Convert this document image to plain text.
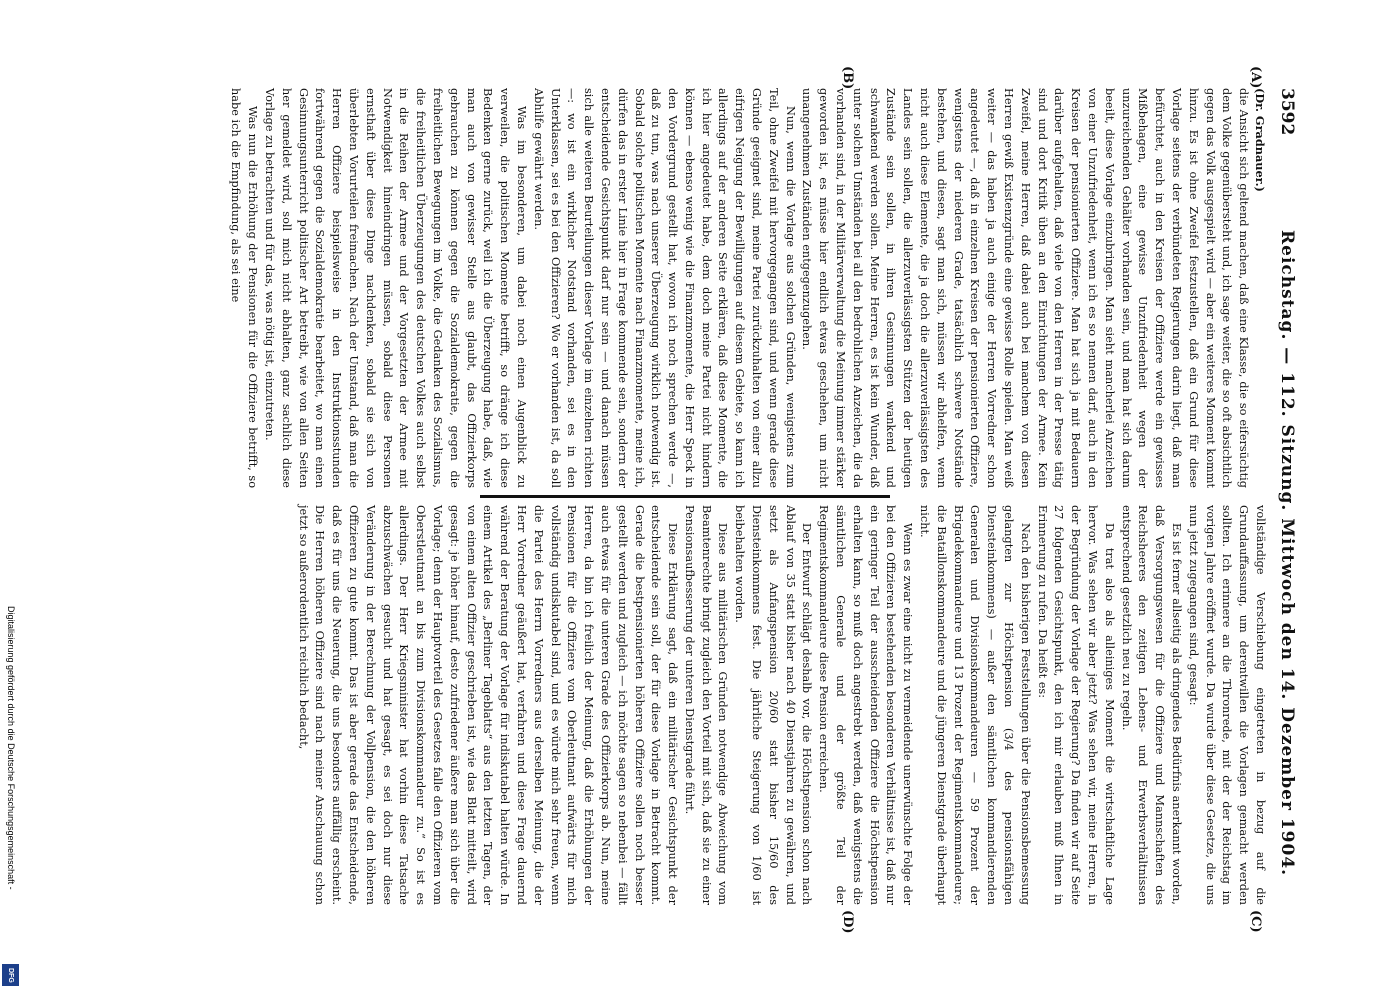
3592
Reichstag. — 112. Sitzung. Mittwoch den 14. Dezember 1904.
(A)
(B)
(C)
(D)

(Dr. Gradnauer.)

die Ansicht sich geltend machen, daß eine Klasse, die so eifersüchtig dem Volke gegenübersteht und, ich sage weiter, die so oft absichtlich gegen das Volk ausgespielt wird — aber ein weiteres Moment kommt hinzu. Es ist ohne Zweifel festzustellen, daß ein Grund für diese Vorlage seitens der verbündeten Regierungen darin liegt, daß man befürchtet, auch in den Kreisen der Offiziere werde ein gewisses Mißbehagen, eine gewisse Unzufriedenheit wegen der unzureichenden Gehälter vorhanden sein, und man hat sich darum beeilt, diese Vorlage einzubringen. Man sieht mancherlei Anzeichen von einer Unzufriedenheit, wenn ich es so nennen darf, auch in den Kreisen der pensionierten Offiziere. Man hat sich ja mit Bedauern darüber aufgehalten, daß viele von den Herren in der Presse tätig sind und dort Kritik üben an den Einrichtungen der Armee. Kein Zweifel, meine Herren, daß dabei auch bei manchem von diesen Herren gewiß Existenzgründe eine gewisse Rolle spielen. Man weiß weiter — das haben ja auch einige der Herren Vorredner schon angedeutet —, daß in einzelnen Kreisen der pensionierten Offiziere, wenigstens der niederen Grade, tatsächlich schwere Notstände bestehen, und diesen, sagt man sich, müssen wir abhelfen, wenn nicht auch diese Elemente, die ja doch die allerzuverlässigsten des Landes sein sollen, die allerzuverlässigsten Stützen der heutigen Zustände sein sollen, in ihren Gesinnungen wankend und schwankend werden sollen. Meine Herren, es ist kein Wunder, daß unter solchen Umständen bei all den bedrohlichen Anzeichen, die da vorhanden sind, in der Militärverwaltung die Meinung immer stärker geworden ist, es müsse hier endlich etwas geschehen, um nicht unangenehmen Zuständen entgegenzugehen.

Nun, wenn die Vorlage aus solchen Gründen, wenigstens zum Teil, ohne Zweifel mit hervorgegangen sind, und wenn gerade diese Gründe geeignet sind, meine Partei zurückzuhalten von einer allzu eifrigen Neigung der Bewilligungen auf diesem Gebiete, so kann ich allerdings auf der anderen Seite erklären, daß diese Momente, die ich hier angedeutet habe, dem doch meine Partei nicht hindern können — ebenso wenig wie die Finanzmomente, die Herr Speck in den Vordergrund gestellt hat, wovon ich noch sprechen werde —, daß zu tun, was nach unserer Überzeugung wirklich notwendig ist. Sobald solche politischen Momente nach Finanzmomente, meine ich, dürfen das in erster Linie hier in Frage kommende sein, sondern der entscheidende Gesichtspunkt darf nur sein — und danach müssen sich alle weiteren Beurteilungen dieser Vorlage im einzelnen richten —: wo ist ein wirklicher Notstand vorhanden, sei es in den Unterklassen, sei es bei den Offizieren? Wo er vorhanden ist, da soll Abhilfe gewährt werden.

Was im besonderen, um dabei noch einen Augenblick zu verweilen, die politischen Momente betrifft, so dränge ich diese Bedenken gerne zurück, weil ich die Überzeugung habe, daß, wie man auch von gewisser Stelle aus glaubt, das Offizierkorps gebrauchen zu können gegen die Sozialdemokratie, gegen die freiheitlichen Bewegungen im Volke, die Gedanken des Sozialismus, die freiheitlichen Überzeugungen des deutschen Volkes auch selbst in die Reihen der Armee und der Vorgesetzten der Armee mit Notwendigkeit hineindringen müssen, sobald diese Personen ernsthaft über diese Dinge nachdenken, sobald sie sich von überlebten Vorurteilen freimachen. Nach der Umstand, daß man die Herren Offiziere beispielsweise in den Instruktionsstunden fortwährend gegen die Sozialdemokratie bearbeitet, wo man einen Gesinnungsunterricht politischer Art betreibt, wie von allen Seiten her gemeldet wird, soll mich nicht abhalten, ganz sachlich diese Vorlage zu betrachten und für das, was nötig ist, einzutreten.

Was nun die Erhöhung der Pensionen für die Offiziere betrifft, so habe ich die Empfindung, als sei eine

vollständige Verschiebung eingetreten in bezug auf die Grundauffassung, um derentwillen die Vorlagen gemacht werden sollten. Ich erinnere an die Thronrede, mit der der Reichstag im vorigen Jahre eröffnet wurde. Da wurde über diese Gesetze, die uns nun jetzt zugegangen sind, gesagt:

Es ist ferner allseitig als dringendes Bedürfnis anerkannt worden, daß Versorgungswesen für die Offiziere und Mannschaften des Reichsheeres den zeitigen Lebens- und Erwerbsverhältnissen entsprechend gesetzlich neu zu regeln.

Da trat also als alleiniges Moment die wirtschaftliche Lage hervor. Was sehen wir aber jetzt? Was sehen wir, meine Herren, in der Begründung der Vorlage der Regierung? Da finden wir auf Seite 27 folgenden Gesichtspunkt, den ich mir erlauben muß Ihnen in Erinnerung zu rufen. Da heißt es:

Nach den bisherigen Feststellungen über die Pensionsbemessung gelangten zur Höchstpension (3/4 des pensionsfähigen Diensteinkommens) — außer den sämtlichen kommandierenden Generalen und Divisionskommandeuren — 59 Prozent der Brigadekommandeure und 13 Prozent der Regimentskommandeure; die Bataillonskommandeure und die jüngeren Dienstgrade überhaupt nicht.

Wenn es zwar eine nicht zu vermeidende unerwünschte Folge der bei den Offizieren bestehenden besonderen Verhältnisse ist, daß nur ein geringer Teil der ausscheidenden Offiziere die Höchstpension erhalten kann, so muß doch angestrebt werden, daß wenigstens die sämtlichen Generale und der größte Teil der Regimentskommandeure diese Pension erreichen.

Der Entwurf schlägt deshalb vor, die Höchstpension schon nach Ablauf von 35 statt bisher nach 40 Dienstjahren zu gewähren, und setzt als Anfangspension 20/60 statt bisher 15/60 des Diensteinkommens fest. Die jährliche Steigerung von 1/60 ist beibehalten worden.

Diese aus militärischen Gründen notwendige Abweichung vom Beamtenrechte bringt zugleich den Vorteil mit sich, daß sie zu einer Pensionsaufbesserung der unteren Dienstgrade führt.

Diese Erklärung sagt, daß ein militärischer Gesichtspunkt der entscheidende sein soll, der für diese Vorlage in Betracht kommt. Gerade die bestpensionierten höheren Offiziere sollen noch besser gestellt werden und zugleich — ich möchte sagen so nebenbei — fällt auch etwas für die unteren Grade des Offizierkorps ab. Nun, meine Herren, da bin ich freilich der Meinung, daß die Erhöhungen der Pensionen für die Offiziere vom Oberleutnant aufwärts für mich vollständig undiskutabel sind, und es würde mich sehr freuen, wenn die Partei des Herrn Vorredners aus derselben Meinung, die der Herr Vorredner geäußert hat, verfahren und diese Frage dauernd während der Beratung der Vorlage für indiskutabel halten würde. In einem Artikel des „Berliner Tageblatts“ aus den letzten Tagen, der von einem alten Offizier geschrieben ist, wie das Blatt mitteilt, wird gesagt: je höher hinauf, desto zufriedener äußere man sich über die Vorlage; denn der Hauptvorteil des Gesetzes falle den Offizieren vom Oberstleutnant an bis zum Divisionskommandeur zu.“ So ist es allerdings. Der Herr Kriegsminister hat vorhin diese Tatsache abzuschwächen gesucht und hat gesagt, es sei doch nur diese Veränderung in der Berechnung der Vollpension, die den höheren Offizieren zu gute kommt. Das ist aber gerade das Entscheidende, daß es für uns die Neuerung, die uns besonders auffällig erscheint. Die Herren höheren Offiziere sind nach meiner Anschauung schon jetzt so außerordentlich reichlich bedacht,

Digitalisierung gefördert durch die Deutsche Forschungsgemeinschaft -
DFG
